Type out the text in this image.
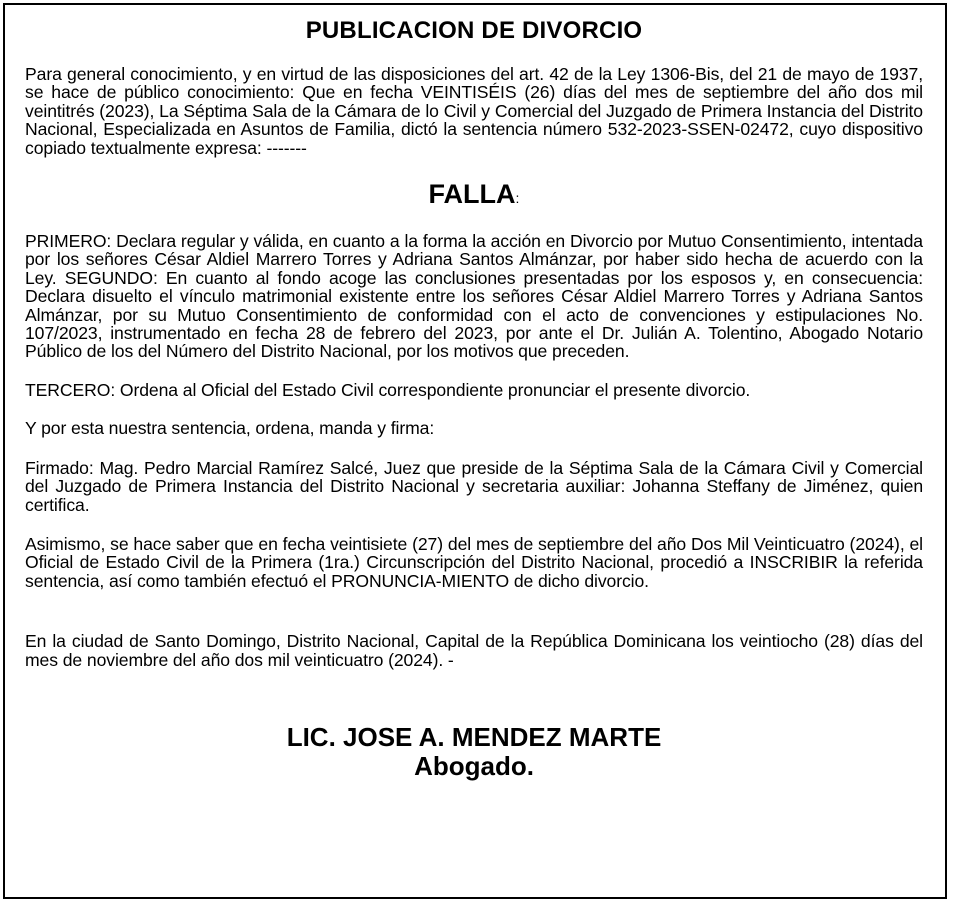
PUBLICACION DE DIVORCIO

Para general conocimiento, y en virtud de las disposiciones del art. 42 de la Ley 1306-Bis, del 21 de mayo de 1937, se hace de público conocimiento: Que en fecha VEINTISÉIS (26) días del mes de septiembre del año dos mil veintitrés (2023), La Séptima Sala de la Cámara de lo Civil y Comercial del Juzgado de Primera Instancia del Distrito Nacional, Especializada en Asuntos de Familia, dictó la sentencia número 532-2023-SSEN-02472, cuyo dispositivo copiado textualmente expresa: -------

FALLA:

PRIMERO: Declara regular y válida, en cuanto a la forma la acción en Divorcio por Mutuo Consentimiento, intentada por los señores César Aldiel Marrero Torres y Adriana Santos Almánzar, por haber sido hecha de acuerdo con la Ley. SEGUNDO: En cuanto al fondo acoge las conclusiones presentadas por los esposos y, en consecuencia: Declara disuelto el vínculo matrimonial existente entre los señores César Aldiel Marrero Torres y Adriana Santos Almánzar, por su Mutuo Consentimiento de conformidad con el acto de convenciones y estipulaciones No. 107/2023, instrumentado en fecha 28 de febrero del 2023, por ante el Dr. Julián A. Tolentino, Abogado Notario Público de los del Número del Distrito Nacional, por los motivos que preceden.

TERCERO: Ordena al Oficial del Estado Civil correspondiente pronunciar el presente divorcio.

Y por esta nuestra sentencia, ordena, manda y firma:

Firmado: Mag. Pedro Marcial Ramírez Salcé, Juez que preside de la Séptima Sala de la Cámara Civil y Comercial del Juzgado de Primera Instancia del Distrito Nacional y secretaria auxiliar: Johanna Steffany de Jiménez, quien certifica.

Asimismo, se hace saber que en fecha veintisiete (27) del mes de septiembre del año Dos Mil Veinticuatro (2024), el Oficial de Estado Civil de la Primera (1ra.) Circunscripción del Distrito Nacional, procedió a INSCRIBIR la referida sentencia, así como también efectuó el PRONUNCIA-MIENTO de dicho divorcio.

En la ciudad de Santo Domingo, Distrito Nacional, Capital de la República Dominicana los veintiocho (28) días del mes de noviembre del año dos mil veinticuatro (2024). -

LIC. JOSE A. MENDEZ MARTE
Abogado.
